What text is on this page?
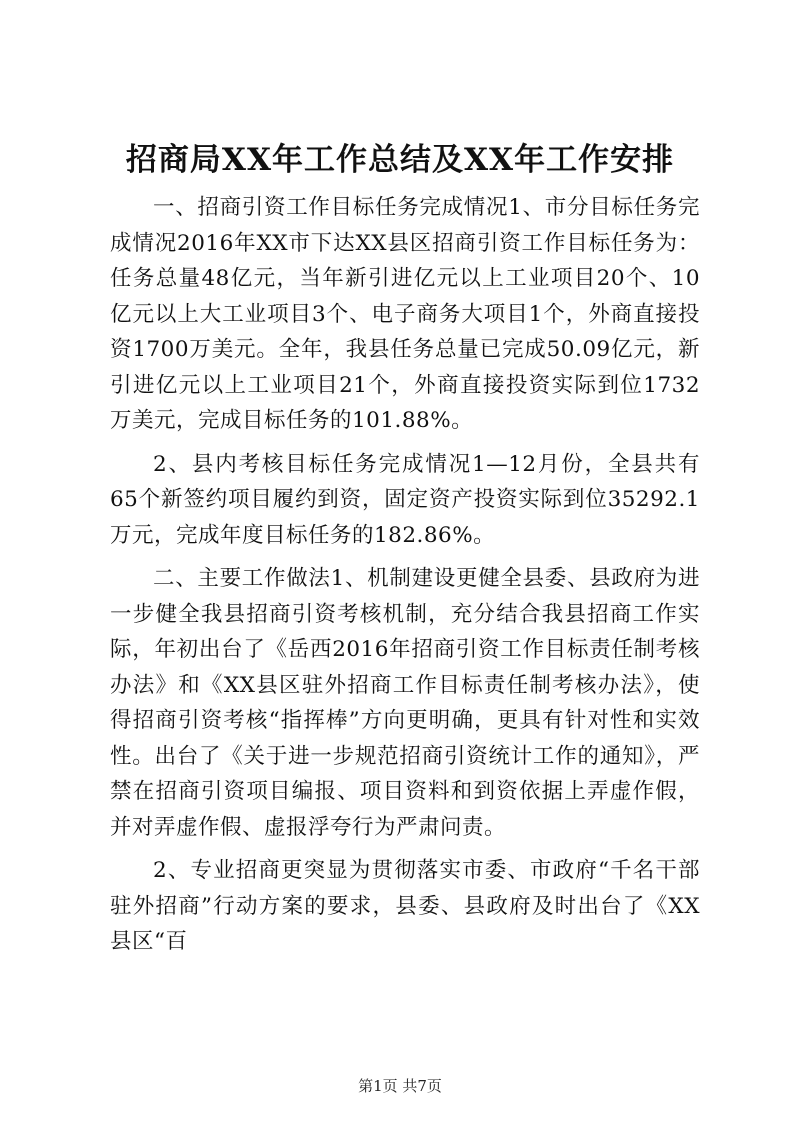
招商局XX年工作总结及XX年工作安排

一、招商引资工作目标任务完成情况1、市分目标任务完成情况2016年XX市下达XX县区招商引资工作目标任务为：任务总量48亿元，当年新引进亿元以上工业项目20个、10亿元以上大工业项目3个、电子商务大项目1个，外商直接投资1700万美元。全年，我县任务总量已完成50.09亿元，新引进亿元以上工业项目21个，外商直接投资实际到位1732万美元，完成目标任务的101.88%。

2、县内考核目标任务完成情况1—12月份，全县共有65个新签约项目履约到资，固定资产投资实际到位35292.1万元，完成年度目标任务的182.86%。

二、主要工作做法1、机制建设更健全县委、县政府为进一步健全我县招商引资考核机制，充分结合我县招商工作实际，年初出台了《岳西2016年招商引资工作目标责任制考核办法》和《XX县区驻外招商工作目标责任制考核办法》，使得招商引资考核“指挥棒”方向更明确，更具有针对性和实效性。出台了《关于进一步规范招商引资统计工作的通知》，严禁在招商引资项目编报、项目资料和到资依据上弄虚作假，并对弄虚作假、虚报浮夸行为严肃问责。

2、专业招商更突显为贯彻落实市委、市政府“千名干部驻外招商”行动方案的要求，县委、县政府及时出台了《XX县区“百

第1页 共7页
